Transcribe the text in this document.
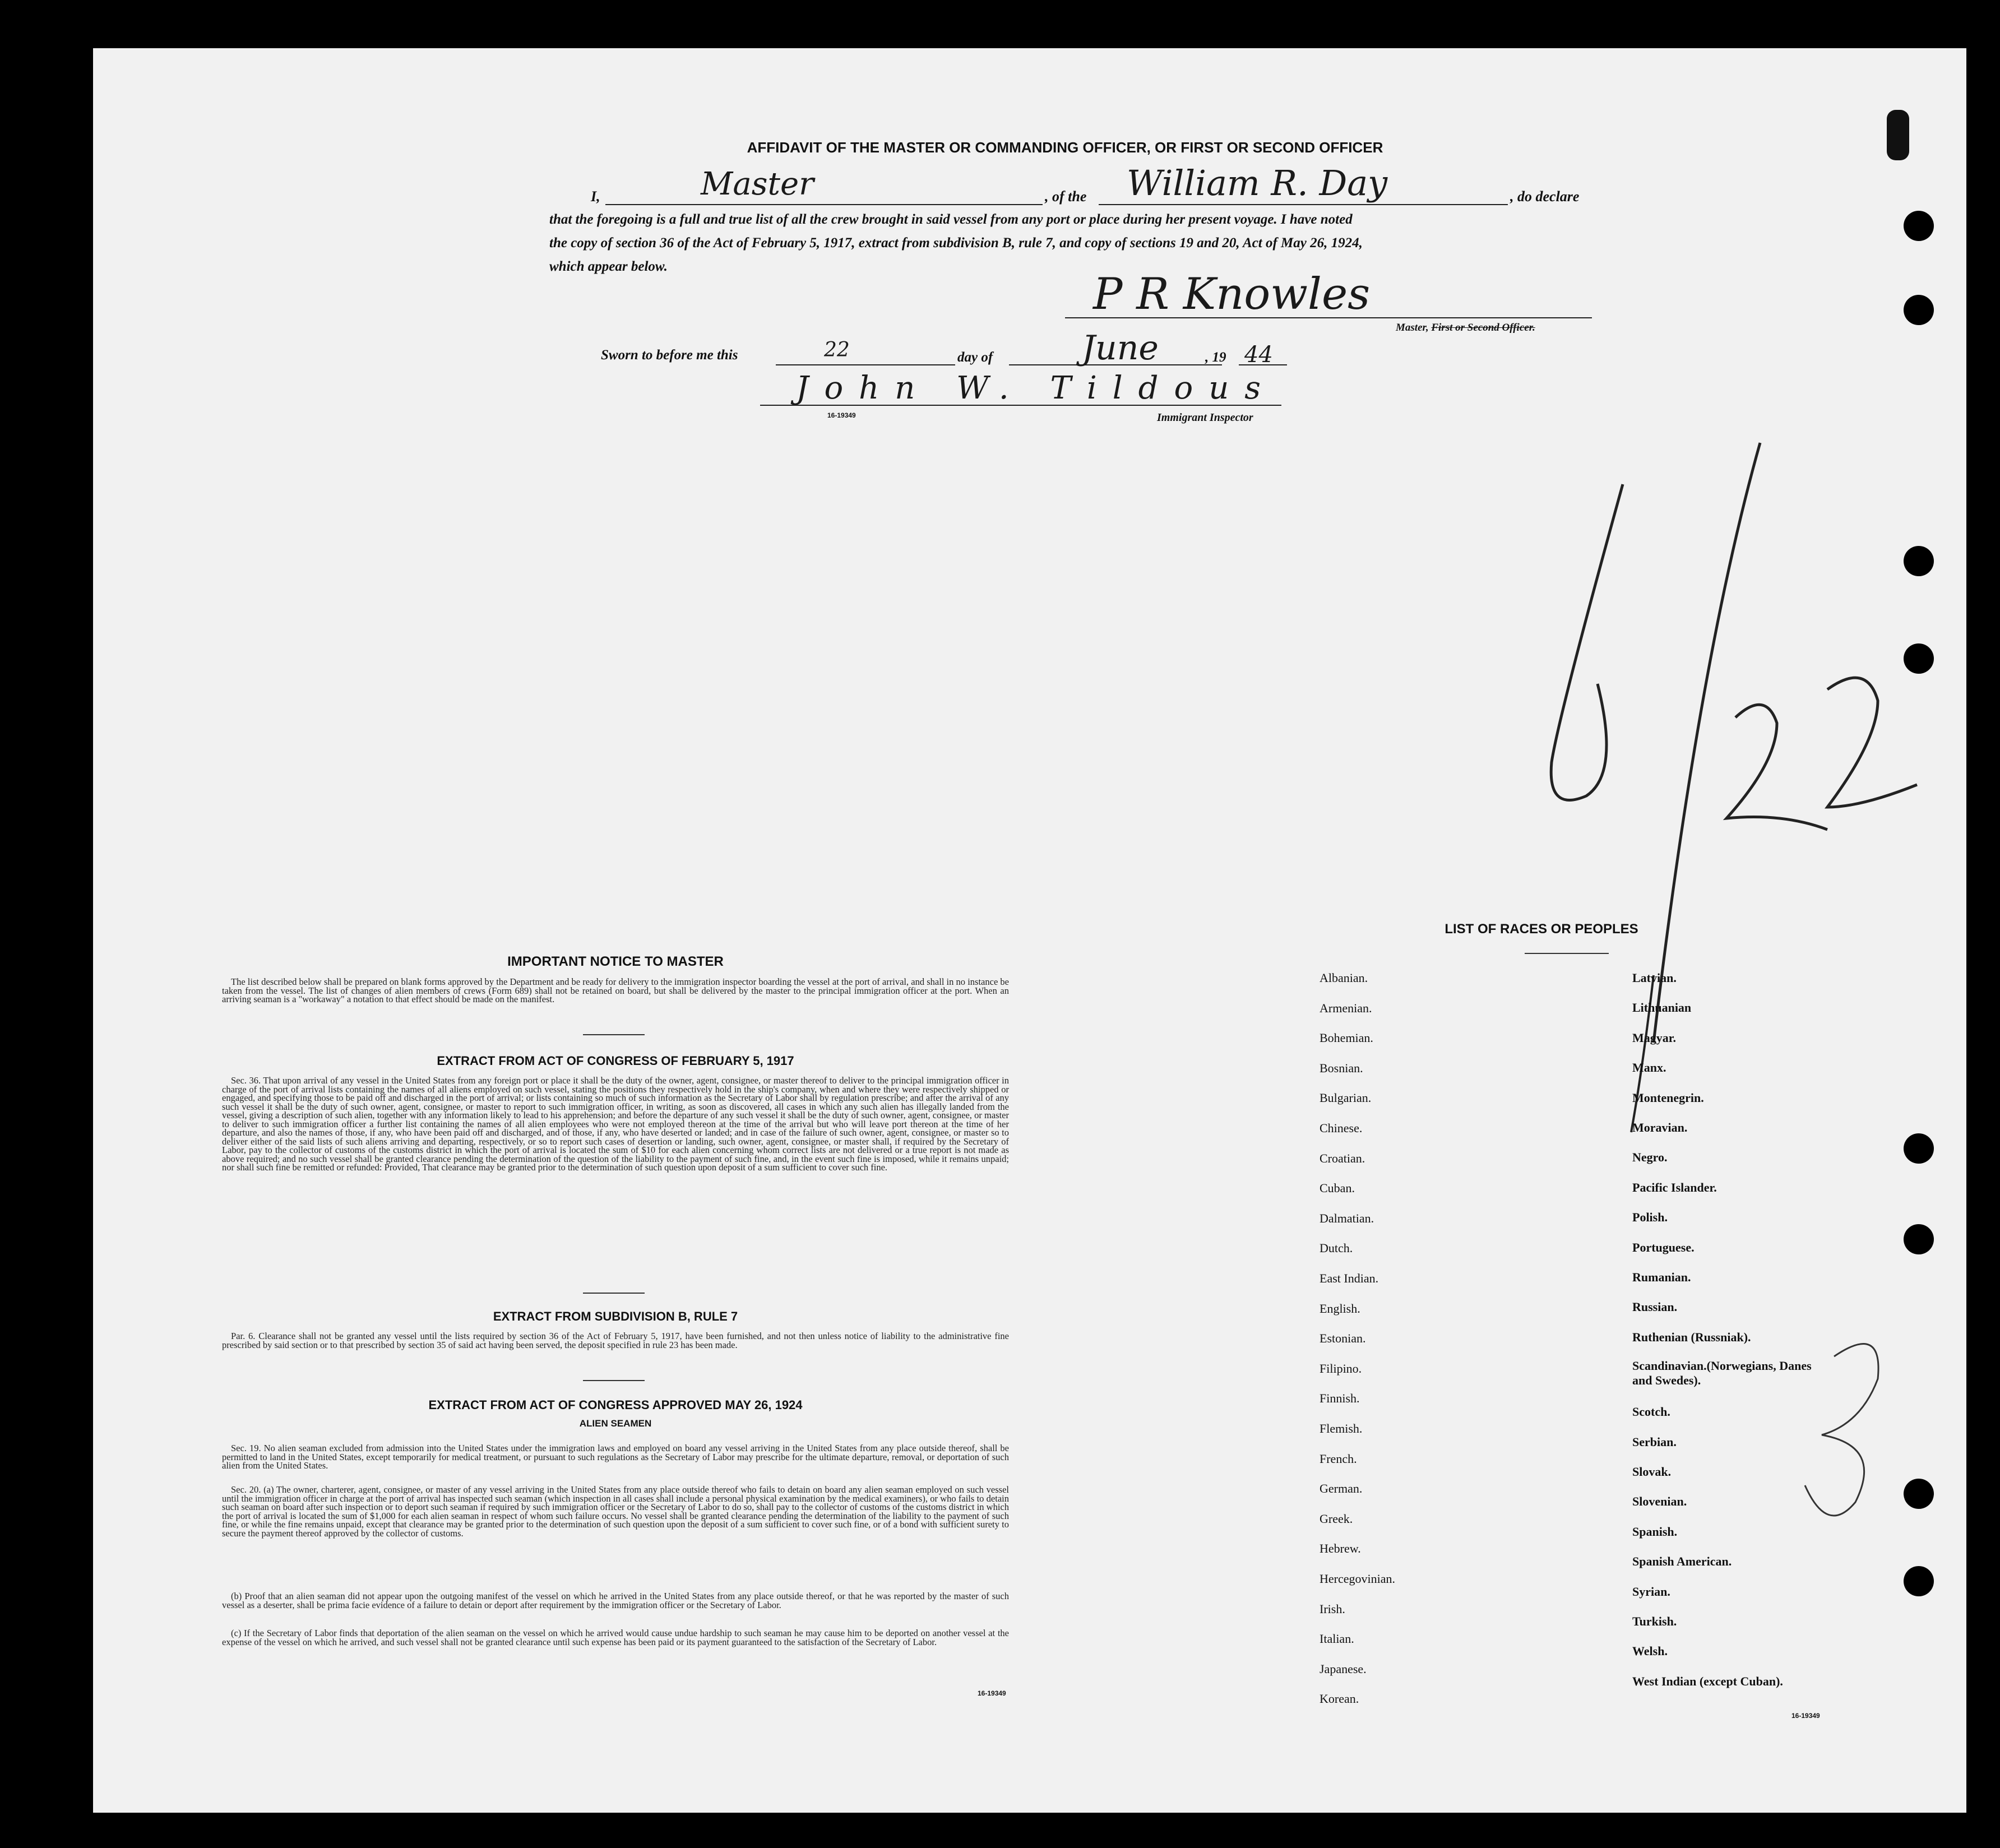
AFFIDAVIT OF THE MASTER OR COMMANDING OFFICER, OR FIRST OR SECOND OFFICER
I,	Master	, of the William R. Day	, do declare
that the foregoing is a full and true list of all the crew brought in said vessel from any port or place during her present voyage. I have noted
the copy of section 36 of the Act of February 5, 1917, extract from subdivision B, rule 7, and copy of sections 19 and 20, Act of May 26, 1924,
which appear below.
P R Knowles
Master, First or Second Officer.
Sworn to before me this	22	day of	June	, 19 44
John W. Tildous
16-19349	Immigrant Inspector
IMPORTANT NOTICE TO MASTER
The list described below shall be prepared on blank forms approved by the Department and be ready for delivery to the immigration inspector boarding the vessel at the port of arrival, and shall in no instance be taken from the vessel. The list of changes of alien members of crews (Form 689) shall not be retained on board, but shall be delivered by the master to the principal immigration officer at the port. When an arriving seaman is a "workaway" a notation to that effect should be made on the manifest.
EXTRACT FROM ACT OF CONGRESS OF FEBRUARY 5, 1917
Sec. 36. That upon arrival of any vessel in the United States from any foreign port or place it shall be the duty of the owner, agent, consignee, or master thereof to deliver to the principal immigration officer in charge of the port of arrival lists containing the names of all aliens employed on such vessel, stating the positions they respectively hold in the ship's company, when and where they were respectively shipped or engaged, and specifying those to be paid off and discharged in the port of arrival; or lists containing so much of such information as the Secretary of Labor shall by regulation prescribe; and after the arrival of any such vessel it shall be the duty of such owner, agent, consignee, or master to report to such immigration officer, in writing, as soon as discovered, all cases in which any such alien has illegally landed from the vessel, giving a description of such alien, together with any information likely to lead to his apprehension; and before the departure of any such vessel it shall be the duty of such owner, agent, consignee, or master to deliver to such immigration officer a further list containing the names of all alien employees who were not employed thereon at the time of the arrival but who will leave port thereon at the time of her departure, and also the names of those, if any, who have been paid off and discharged, and of those, if any, who have deserted or landed; and in case of the failure of such owner, agent, consignee, or master so to deliver either of the said lists of such aliens arriving and departing, respectively, or so to report such cases of desertion or landing, such owner, agent, consignee, or master shall, if required by the Secretary of Labor, pay to the collector of customs of the customs district in which the port of arrival is located the sum of $10 for each alien concerning whom correct lists are not delivered or a true report is not made as above required; and no such vessel shall be granted clearance pending the determination of the question of the liability to the payment of such fine, and, in the event such fine is imposed, while it remains unpaid; nor shall such fine be remitted or refunded: Provided, That clearance may be granted prior to the determination of such question upon deposit of a sum sufficient to cover such fine.
EXTRACT FROM SUBDIVISION B, RULE 7
Par. 6. Clearance shall not be granted any vessel until the lists required by section 36 of the Act of February 5, 1917, have been furnished, and not then unless notice of liability to the administrative fine prescribed by said section or to that prescribed by section 35 of said act having been served, the deposit specified in rule 23 has been made.
EXTRACT FROM ACT OF CONGRESS APPROVED MAY 26, 1924
ALIEN SEAMEN
Sec. 19. No alien seaman excluded from admission into the United States under the immigration laws and employed on board any vessel arriving in the United States from any place outside thereof, shall be permitted to land in the United States, except temporarily for medical treatment, or pursuant to such regulations as the Secretary of Labor may prescribe for the ultimate departure, removal, or deportation of such alien from the United States.
Sec. 20. (a) The owner, charterer, agent, consignee, or master of any vessel arriving in the United States from any place outside thereof who fails to detain on board any alien seaman employed on such vessel until the immigration officer in charge at the port of arrival has inspected such seaman (which inspection in all cases shall include a personal physical examination by the medical examiners), or who fails to detain such seaman on board after such inspection or to deport such seaman if required by such immigration officer or the Secretary of Labor to do so, shall pay to the collector of customs of the customs district in which the port of arrival is located the sum of $1,000 for each alien seaman in respect of whom such failure occurs. No vessel shall be granted clearance pending the determination of the liability to the payment of such fine, or while the fine remains unpaid, except that clearance may be granted prior to the determination of such question upon the deposit of a sum sufficient to cover such fine, or of a bond with sufficient surety to secure the payment thereof approved by the collector of customs.
(b) Proof that an alien seaman did not appear upon the outgoing manifest of the vessel on which he arrived in the United States from any place outside thereof, or that he was reported by the master of such vessel as a deserter, shall be prima facie evidence of a failure to detain or deport after requirement by the immigration officer or the Secretary of Labor.
(c) If the Secretary of Labor finds that deportation of the alien seaman on the vessel on which he arrived would cause undue hardship to such seaman he may cause him to be deported on another vessel at the expense of the vessel on which he arrived, and such vessel shall not be granted clearance until such expense has been paid or its payment guaranteed to the satisfaction of the Secretary of Labor.
16-19349
LIST OF RACES OR PEOPLES
Albanian.
Armenian.
Bohemian.
Bosnian.
Bulgarian.
Chinese.
Croatian.
Cuban.
Dalmatian.
Dutch.
East Indian.
English.
Estonian.
Filipino.
Finnish.
Flemish.
French.
German.
Greek.
Hebrew.
Hercegovinian.
Irish.
Italian.
Japanese.
Korean.
Latvian.
Lithuanian
Magyar.
Manx.
Montenegrin.
Moravian.
Negro.
Pacific Islander.
Polish.
Portuguese.
Rumanian.
Russian.
Ruthenian (Russniak).
Scandinavian.(Norwegians, Danes and Swedes).
Scotch.
Serbian.
Slovak.
Slovenian.
Spanish.
Spanish American.
Syrian.
Turkish.
Welsh.
West Indian (except Cuban).
16-19349
